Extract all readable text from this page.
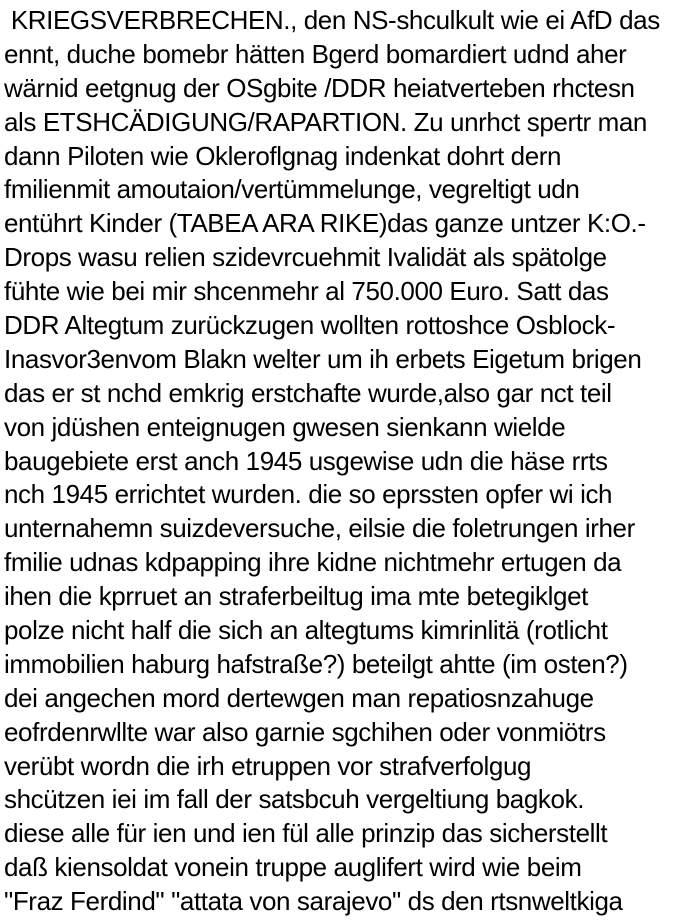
KRIEGSVERBRECHEN., den NS-shculkult wie ei AfD das
ennt, duche bomebr hätten Bgerd bomardiert udnd aher
wärnid eetgnug der OSgbite /DDR heiatverteben rhctesn
als ETSHCÄDIGUNG/RAPARTION. Zu unrhct spertr man
dann Piloten wie Okleroflgnag indenkat dohrt dern
fmilienmit amoutaion/vertümmelunge, vegreltigt udn
entührt Kinder (TABEA ARA RIKE)das ganze untzer K:O.-
Drops wasu relien szidevrcuehmit Ivalidät als spätolge
fühte wie bei mir shcenmehr al 750.000 Euro. Satt das
DDR Altegtum zurückzugen wollten rottoshce Osblock-
Inasvor3envom Blakn welter um ih erbets Eigetum brigen
das er st nchd emkrig erstchafte wurde,also gar nct teil
von jdüshen enteignugen gwesen sienkann wielde
baugebiete erst anch 1945 usgewise udn die häse rrts
nch 1945 errichtet wurden. die so eprssten opfer wi ich
unternahemn suizdeversuche, eilsie die foletrungen irher
fmilie udnas kdpapping ihre kidne nichtmehr ertugen da
ihen die kprruet an straferbeiltug ima mte betegiklget
polze nicht half die sich an altegtums kimrinlitä (rotlicht
immobilien haburg hafstraße?) beteilgt ahtte (im osten?)
dei angechen mord dertewgen man repatiosnzahuge
eofrdenrwllte war also garnie sgchihen oder vonmiötrs
verübt wordn die irh etruppen vor strafverfolgug
shcützen iei im fall der satsbcuh vergeltiung bagkok.
diese alle für ien und ien fül alle prinzip das sicherstellt
daß kiensoldat vonein truppe auglifert wird wie beim
"Fraz Ferdind" "attata von sarajevo" ds den rtsnweltkiga
